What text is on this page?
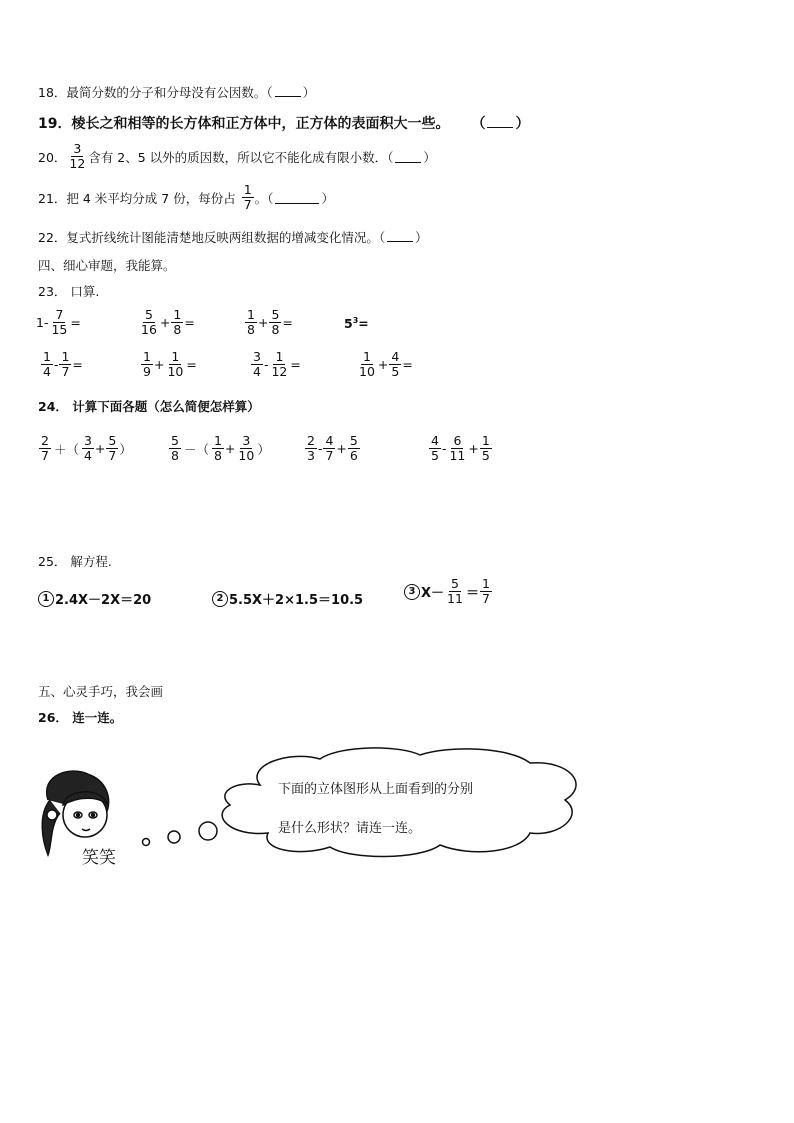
18．最简分数的分子和分母没有公因数。（ ）
19．棱长之和相等的长方体和正方体中，正方体的表面积大一些。 （ ）
20． $\frac{3}{12}$ 含有 2、5 以外的质因数，所以它不能化成有限小数．（ ）
21． 把 4 米平均分成 7 份，每份占 $\frac{1}{7}$ 。（	）
22．复式折线统计图能清楚地反映两组数据的增减变化情况。（ ）
四、细心审题，我能算。
23． 口算.
$1- \frac{7}{15}$ =	$\frac{5}{16} + \frac{1}{8}$ =	$\frac{1}{8} + \frac{5}{8}$ =	$5^3=$
$\frac{1}{4} - \frac{1}{7}$ =	$\frac{1}{9} + \frac{1}{10}$ =	$\frac{3}{4} - \frac{1}{12}$ =	$\frac{1}{10} + \frac{4}{5}$ =
24． 计算下面各题（怎么简便怎样算）
$\frac{2}{7}$ ＋（ $\frac{3}{4} + \frac{5}{7}$ ）	$\frac{5}{8}$ －（ $\frac{1}{8} + \frac{3}{10}$ ）	$\frac{2}{3} - \frac{4}{7} + \frac{5}{6}$	$\frac{4}{5} - \frac{6}{11} + \frac{1}{5}$
25． 解方程.
1 2.4X－2X＝20	2 5.5X＋2×1.5＝10.5
3 $X- \frac{5}{11} = \frac{1}{7}$
五、心灵手巧，我会画
26． 连一连。
笑笑
下面的立体图形从上面看到的分别
是什么形状？请连一连。
